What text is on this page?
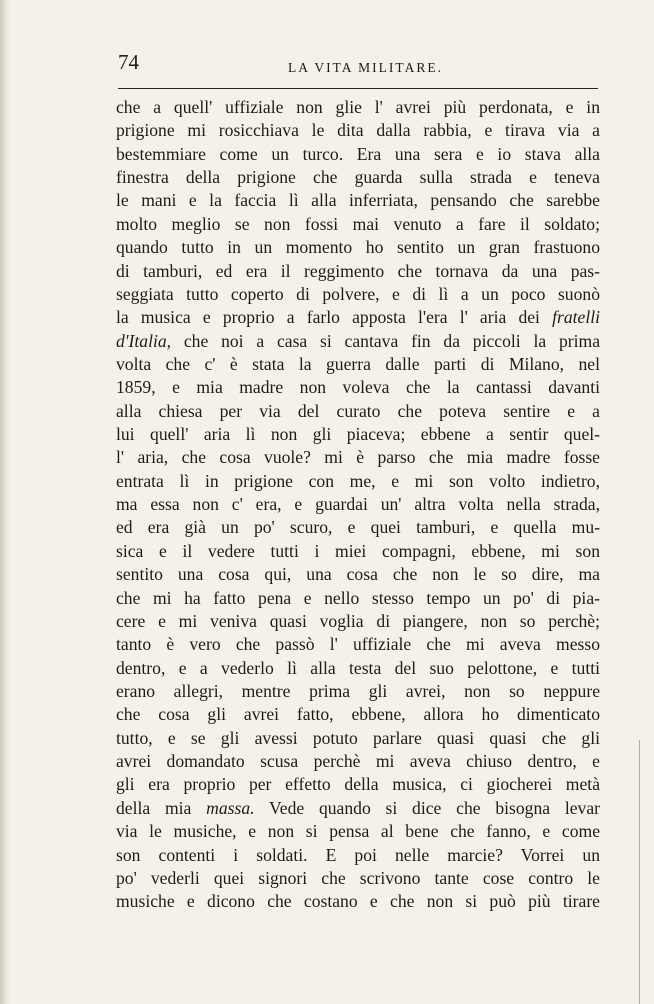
74	LA VITA MILITARE.
che a quell' uffiziale non glie l' avrei più perdonata, e in
prigione mi rosicchiava le dita dalla rabbia, e tirava via a
bestemmiare come un turco. Era una sera e io stava alla
finestra della prigione che guarda sulla strada e teneva
le mani e la faccia lì alla inferriata, pensando che sarebbe
molto meglio se non fossi mai venuto a fare il soldato;
quando tutto in un momento ho sentito un gran frastuono
di tamburi, ed era il reggimento che tornava da una pas-
seggiata tutto coperto di polvere, e di lì a un poco suonò
la musica e proprio a farlo apposta l'era l' aria dei fratelli
d'Italia, che noi a casa si cantava fin da piccoli la prima
volta che c' è stata la guerra dalle parti di Milano, nel
1859, e mia madre non voleva che la cantassi davanti
alla chiesa per via del curato che poteva sentire e a
lui quell' aria lì non gli piaceva; ebbene a sentir quel-
l' aria, che cosa vuole? mi è parso che mia madre fosse
entrata lì in prigione con me, e mi son volto indietro,
ma essa non c' era, e guardai un' altra volta nella strada,
ed era già un po' scuro, e quei tamburi, e quella mu-
sica e il vedere tutti i miei compagni, ebbene, mi son
sentito una cosa qui, una cosa che non le so dire, ma
che mi ha fatto pena e nello stesso tempo un po' di pia-
cere e mi veniva quasi voglia di piangere, non so perchè;
tanto è vero che passò l' uffiziale che mi aveva messo
dentro, e a vederlo lì alla testa del suo pelottone, e tutti
erano allegri, mentre prima gli avrei, non so neppure
che cosa gli avrei fatto, ebbene, allora ho dimenticato
tutto, e se gli avessi potuto parlare quasi quasi che gli
avrei domandato scusa perchè mi aveva chiuso dentro, e
gli era proprio per effetto della musica, ci giocherei metà
della mia massa. Vede quando si dice che bisogna levar
via le musiche, e non si pensa al bene che fanno, e come
son contenti i soldati. E poi nelle marcie? Vorrei un
po' vederli quei signori che scrivono tante cose contro le
musiche e dicono che costano e che non si può più tirare
